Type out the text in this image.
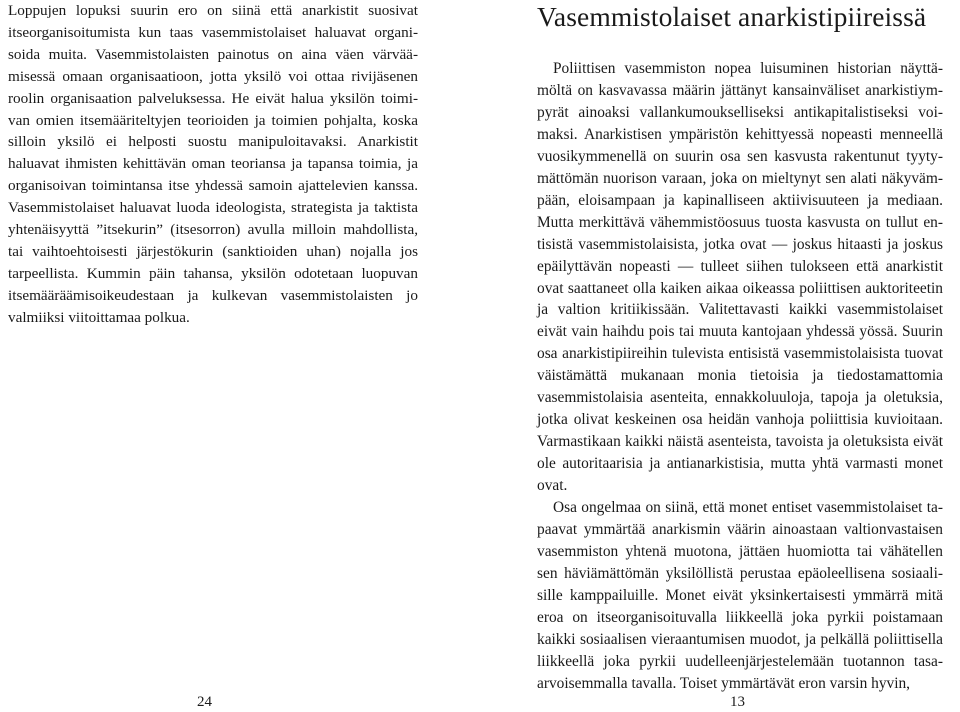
Loppujen lopuksi suurin ero on siinä että anarkistit suosivat itseorganisoitumista kun taas vasemmistolaiset haluavat organisoida muita. Vasemmistolaisten painotus on aina väen värväämisessä omaan organisaatioon, jotta yksilö voi ottaa rivijäsenen roolin organisaation palveluksessa. He eivät halua yksilön toimivan omien itsemääriteltyjen teorioiden ja toimien pohjalta, koska silloin yksilö ei helposti suostu manipuloitavaksi. Anarkistit haluavat ihmisten kehittävän oman teoriansa ja tapansa toimia, ja organisoivan toimintansa itse yhdessä samoin ajattelevien kanssa. Vasemmistolaiset haluavat luoda ideologista, strategista ja taktista yhtenäisyyttä ”itsekurin” (itsesorron) avulla milloin mahdollista, tai vaihtoehtoisesti järjestökurin (sanktioiden uhan) nojalla jos tarpeellista. Kummin päin tahansa, yksilön odotetaan luopuvan itsemääräämisoikeudestaan ja kulkevan vasemmistolaisten jo valmiiksi viitoittamaa polkua.

24
Vasemmistolaiset anarkistipiireissä

Poliittisen vasemmiston nopea luisuminen historian näyttämöltä on kasvavassa määrin jättänyt kansainväliset anarkistiympyrät ainoaksi vallankumoukselliseksi antikapitalistiseksi voimaksi. Anarkistisen ympäristön kehittyessä nopeasti menneellä vuosikymmenellä on suurin osa sen kasvusta rakentunut tyytymättömän nuorison varaan, joka on mieltynyt sen alati näkyvämpään, eloisampaan ja kapinalliseen aktiivisuuteen ja mediaan. Mutta merkittävä vähemmistöosuus tuosta kasvusta on tullut entisistä vasemmistolaisista, jotka ovat — joskus hitaasti ja joskus epäilyttävän nopeasti — tulleet siihen tulokseen että anarkistit ovat saattaneet olla kaiken aikaa oikeassa poliittisen auktoriteetin ja valtion kritiikissään. Valitettavasti kaikki vasemmistolaiset eivät vain haihdu pois tai muuta kantojaan yhdessä yössä. Suurin osa anarkistipiireihin tulevista entisistä vasemmistolaisista tuovat väistämättä mukanaan monia tietoisia ja tiedostamattomia vasemmistolaisia asenteita, ennakkoluuloja, tapoja ja oletuksia, jotka olivat keskeinen osa heidän vanhoja poliittisia kuvioitaan. Varmastikaan kaikki näistä asenteista, tavoista ja oletuksista eivät ole autoritaarisia ja antianarkistisia, mutta yhtä varmasti monet ovat.

Osa ongelmaa on siinä, että monet entiset vasemmistolaiset tapaavat ymmärtää anarkismin väärin ainoastaan valtionvastaisen vasemmiston yhtenä muotona, jättäen huomiotta tai vähätellen sen häviämättömän yksilöllistä perustaa epäoleellisena sosiaalisille kamppailuille. Monet eivät yksinkertaisesti ymmärrä mitä eroa on itseorganisoituvalla liikkeellä joka pyrkii poistamaan kaikki sosiaalisen vieraantumisen muodot, ja pelkällä poliittisella liikkeellä joka pyrkii uudelleenjärjestelemään tuotannon tasaarvoisemmalla tavalla. Toiset ymmärtävät eron varsin hyvin,

13
